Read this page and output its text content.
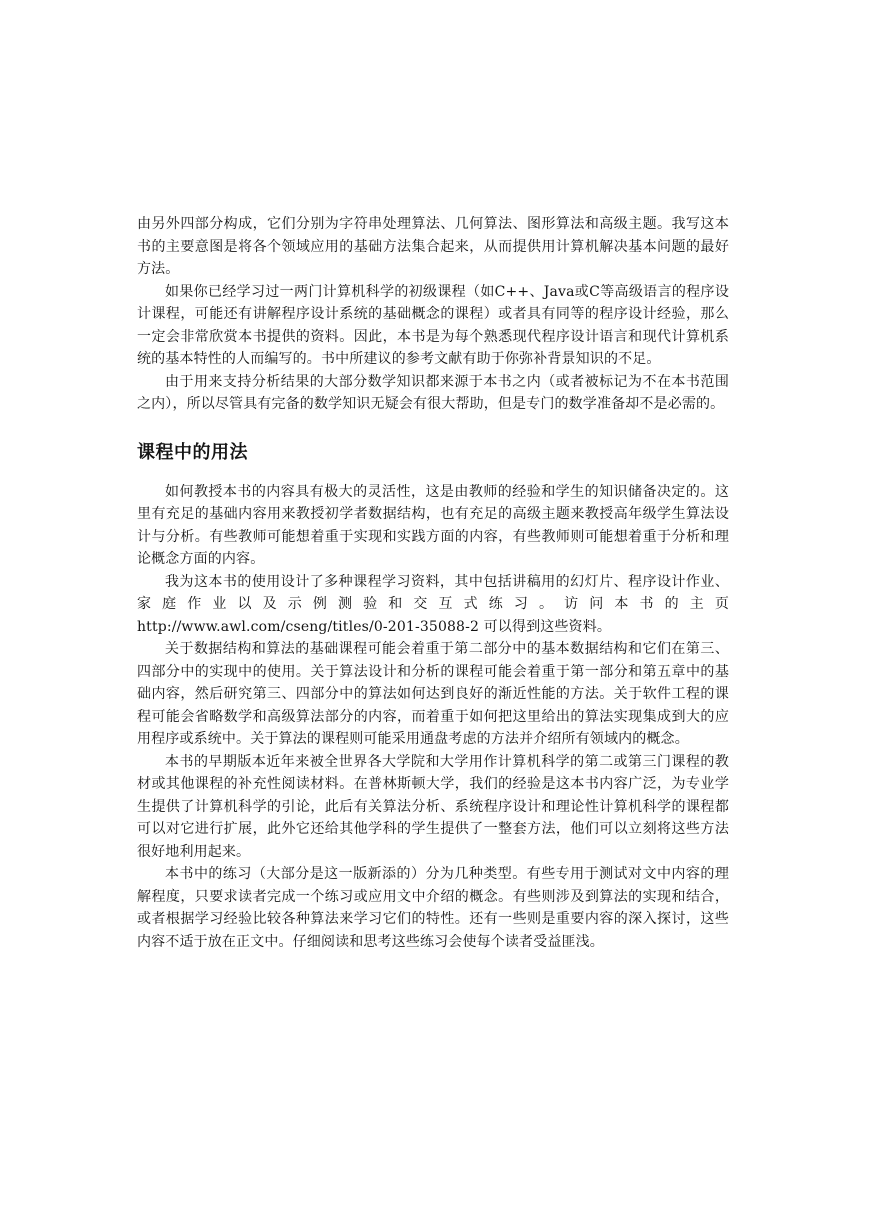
由另外四部分构成，它们分别为字符串处理算法、几何算法、图形算法和高级主题。我写这本书的主要意图是将各个领域应用的基础方法集合起来，从而提供用计算机解决基本问题的最好方法。

如果你已经学习过一两门计算机科学的初级课程（如C++、Java或C等高级语言的程序设计课程，可能还有讲解程序设计系统的基础概念的课程）或者具有同等的程序设计经验，那么一定会非常欣赏本书提供的资料。因此，本书是为每个熟悉现代程序设计语言和现代计算机系统的基本特性的人而编写的。书中所建议的参考文献有助于你弥补背景知识的不足。

由于用来支持分析结果的大部分数学知识都来源于本书之内（或者被标记为不在本书范围之内），所以尽管具有完备的数学知识无疑会有很大帮助，但是专门的数学准备却不是必需的。

课程中的用法

如何教授本书的内容具有极大的灵活性，这是由教师的经验和学生的知识储备决定的。这里有充足的基础内容用来教授初学者数据结构，也有充足的高级主题来教授高年级学生算法设计与分析。有些教师可能想着重于实现和实践方面的内容，有些教师则可能想着重于分析和理论概念方面的内容。

我为这本书的使用设计了多种课程学习资料，其中包括讲稿用的幻灯片、程序设计作业、家庭作业以及示例测验和交互式练习。访问本书的主页 http://www.awl.com/cseng/titles/0-201-35088-2 可以得到这些资料。

关于数据结构和算法的基础课程可能会着重于第二部分中的基本数据结构和它们在第三、四部分中的实现中的使用。关于算法设计和分析的课程可能会着重于第一部分和第五章中的基础内容，然后研究第三、四部分中的算法如何达到良好的渐近性能的方法。关于软件工程的课程可能会省略数学和高级算法部分的内容，而着重于如何把这里给出的算法实现集成到大的应用程序或系统中。关于算法的课程则可能采用通盘考虑的方法并介绍所有领域内的概念。

本书的早期版本近年来被全世界各大学院和大学用作计算机科学的第二或第三门课程的教材或其他课程的补充性阅读材料。在普林斯顿大学，我们的经验是这本书内容广泛，为专业学生提供了计算机科学的引论，此后有关算法分析、系统程序设计和理论性计算机科学的课程都可以对它进行扩展，此外它还给其他学科的学生提供了一整套方法，他们可以立刻将这些方法很好地利用起来。

本书中的练习（大部分是这一版新添的）分为几种类型。有些专用于测试对文中内容的理解程度，只要求读者完成一个练习或应用文中介绍的概念。有些则涉及到算法的实现和结合，或者根据学习经验比较各种算法来学习它们的特性。还有一些则是重要内容的深入探讨，这些内容不适于放在正文中。仔细阅读和思考这些练习会使每个读者受益匪浅。
